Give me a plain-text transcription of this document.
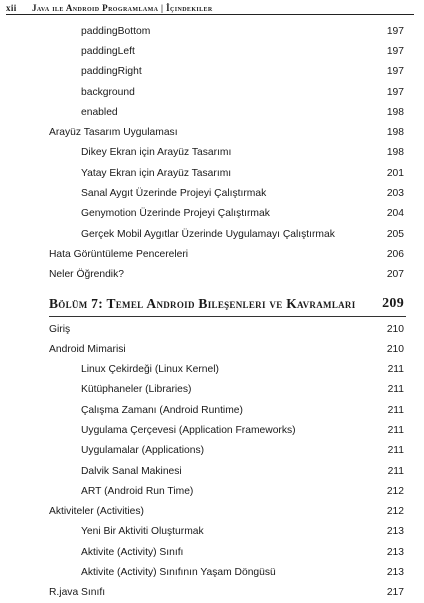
xii	Java ile Android Programlama | İçindekiler
paddingBottom	197
paddingLeft	197
paddingRight	197
background	197
enabled	198
Arayüz Tasarım Uygulaması	198
Dikey Ekran için Arayüz Tasarımı	198
Yatay Ekran için Arayüz Tasarımı	201
Sanal Aygıt Üzerinde Projeyi Çalıştırmak	203
Genymotion Üzerinde Projeyi Çalıştırmak	204
Gerçek Mobil Aygıtlar Üzerinde Uygulamayı Çalıştırmak	205
Hata Görüntüleme Pencereleri	206
Neler Öğrendik?	207
Bölüm 7: Temel Android Bileşenleri ve Kavramları 209
Giriş	210
Android Mimarisi	210
Linux Çekirdeği (Linux Kernel)	211
Kütüphaneler (Libraries)	211
Çalışma Zamanı (Android Runtime)	211
Uygulama Çerçevesi (Application Frameworks)	211
Uygulamalar (Applications)	211
Dalvik Sanal Makinesi	211
ART (Android Run Time)	212
Aktiviteler (Activities)	212
Yeni Bir Aktiviti Oluşturmak	213
Aktivite (Activity) Sınıfı	213
Aktivite (Activity) Sınıfının Yaşam Döngüsü	213
R.java Sınıfı	217
